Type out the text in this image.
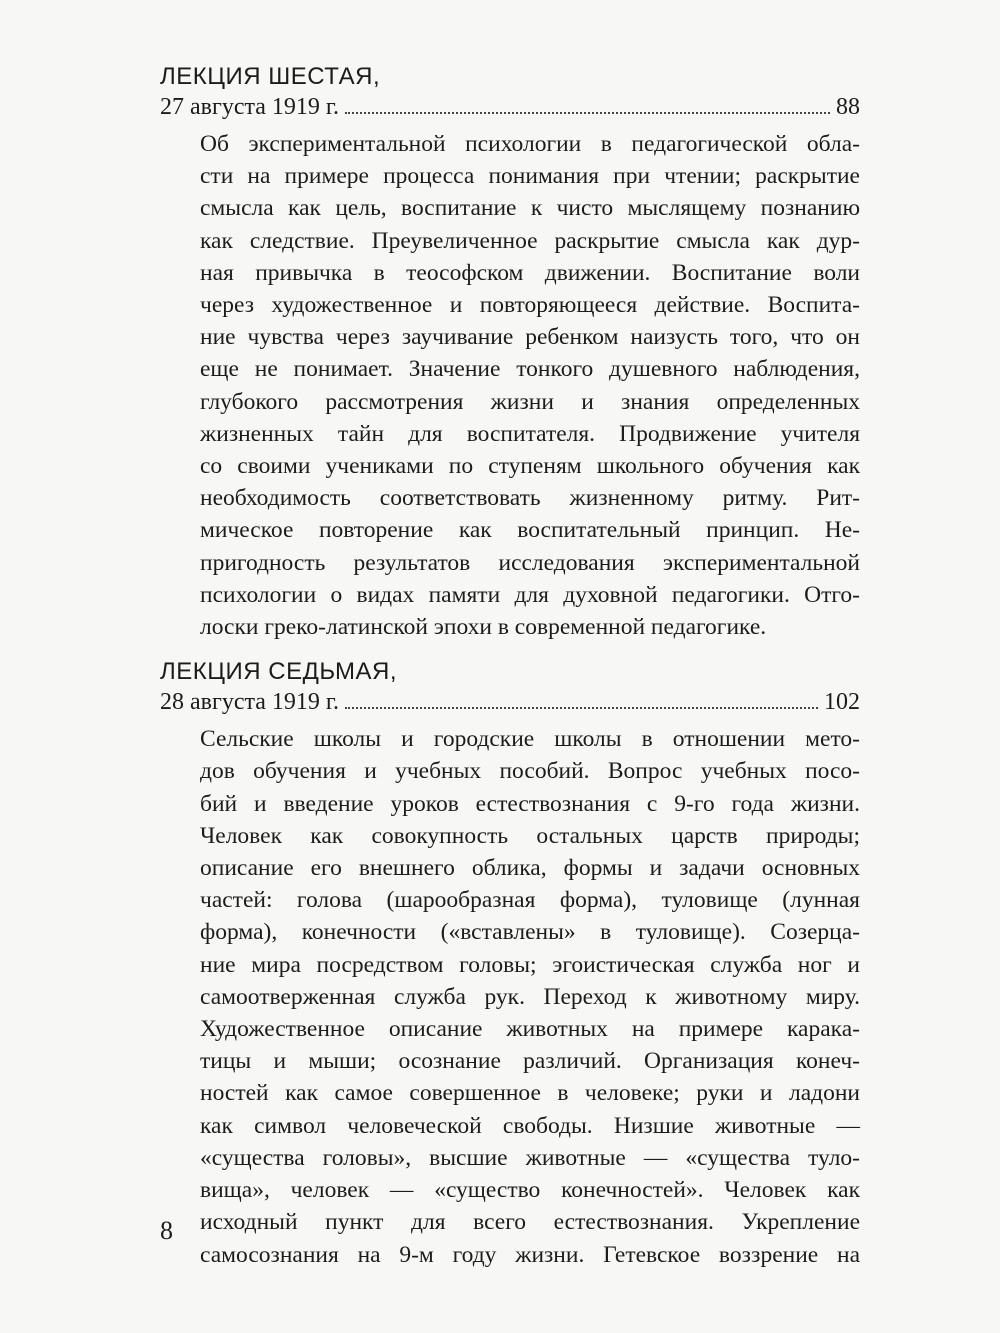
ЛЕКЦИЯ ШЕСТАЯ,

27 августа 1919 г.	88
Об экспериментальной психологии в педагогической обла-
сти на примере процесса понимания при чтении; раскрытие
смысла как цель, воспитание к чисто мыслящему познанию
как следствие. Преувеличенное раскрытие смысла как дур-
ная привычка в теософском движении. Воспитание воли
через художественное и повторяющееся действие. Воспита-
ние чувства через заучивание ребенком наизусть того, что он
еще не понимает. Значение тонкого душевного наблюдения,
глубокого рассмотрения жизни и знания определенных
жизненных тайн для воспитателя. Продвижение учителя
со своими учениками по ступеням школьного обучения как
необходимость соответствовать жизненному ритму. Рит-
мическое повторение как воспитательный принцип. Не-
пригодность результатов исследования экспериментальной
психологии о видах памяти для духовной педагогики. Отго-
лоски греко-латинской эпохи в современной педагогике.

ЛЕКЦИЯ СЕДЬМАЯ,

28 августа 1919 г.	102
Сельские школы и городские школы в отношении мето-
дов обучения и учебных пособий. Вопрос учебных посо-
бий и введение уроков естествознания с 9-го года жизни.
Человек как совокупность остальных царств природы;
описание его внешнего облика, формы и задачи основных
частей: голова (шарообразная форма), туловище (лунная
форма), конечности («вставлены» в туловище). Созерца-
ние мира посредством головы; эгоистическая служба ног и
самоотверженная служба рук. Переход к животному миру.
Художественное описание животных на примере карака-
тицы и мыши; осознание различий. Организация конеч-
ностей как самое совершенное в человеке; руки и ладони
как символ человеческой свободы. Низшие животные —
«существа головы», высшие животные — «существа туло-
вища», человек — «существо конечностей». Человек как
исходный пункт для всего естествознания. Укрепление
самосознания на 9-м году жизни. Гетевское воззрение на
8
